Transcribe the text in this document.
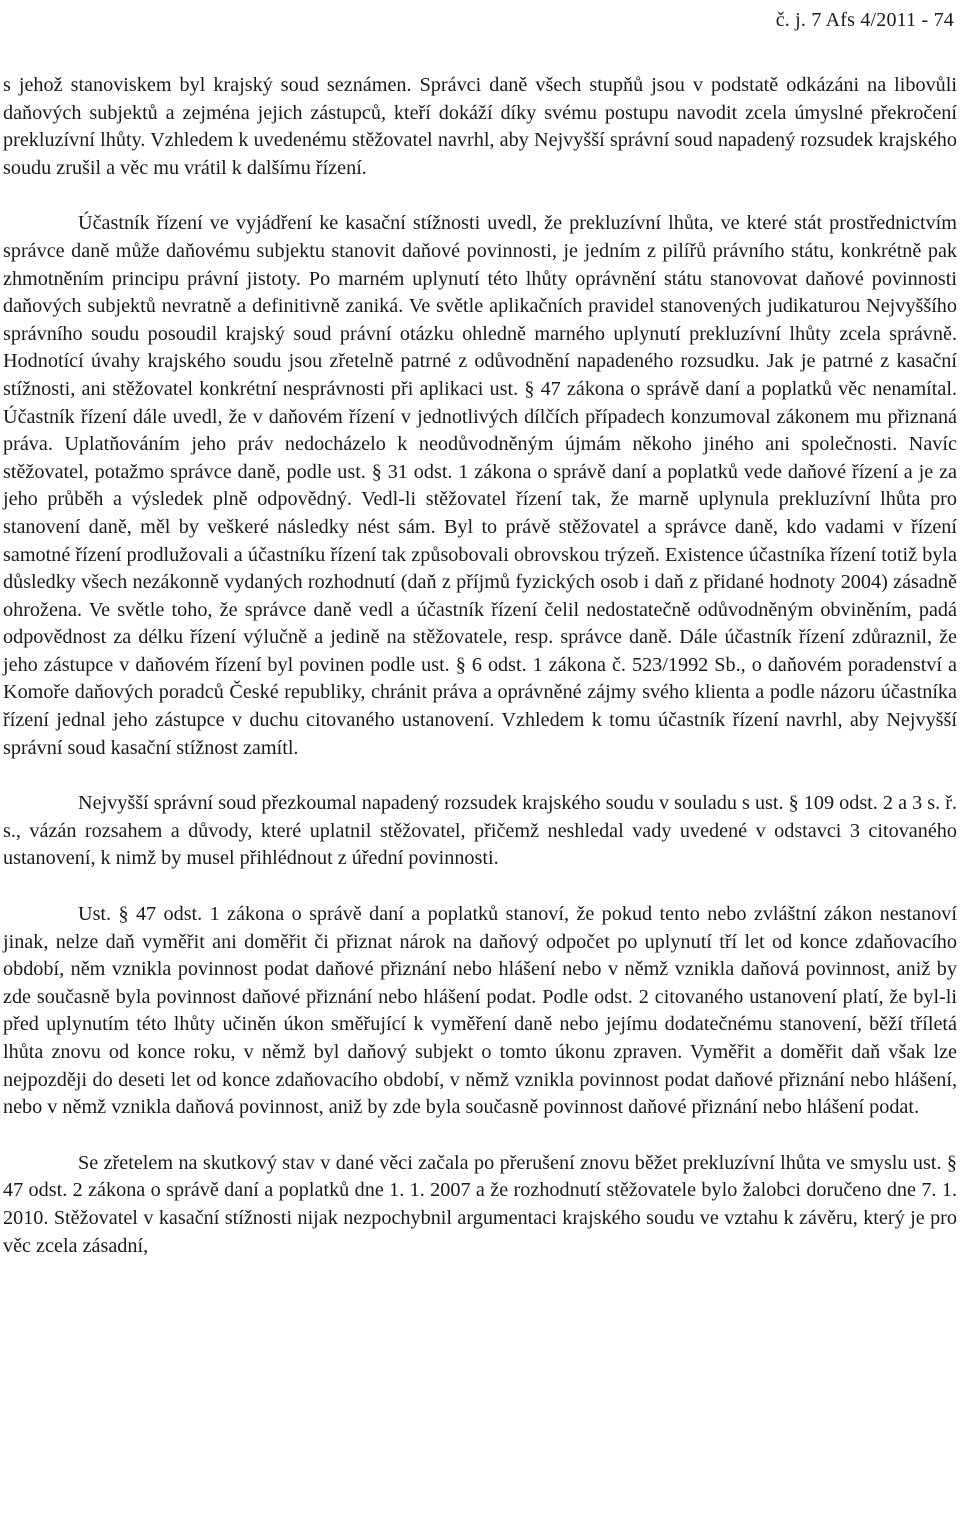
č. j. 7 Afs 4/2011 - 74

s jehož stanoviskem byl krajský soud seznámen. Správci daně všech stupňů jsou v podstatě odkázáni na libovůli daňových subjektů a zejména jejich zástupců, kteří dokáží díky svému postupu navodit zcela úmyslné překročení prekluzívní lhůty. Vzhledem k uvedenému stěžovatel navrhl, aby Nejvyšší správní soud napadený rozsudek krajského soudu zrušil a věc mu vrátil k dalšímu řízení.

Účastník řízení ve vyjádření ke kasační stížnosti uvedl, že prekluzívní lhůta, ve které stát prostřednictvím správce daně může daňovému subjektu stanovit daňové povinnosti, je jedním z pilířů právního státu, konkrétně pak zhmotněním principu právní jistoty. Po marném uplynutí této lhůty oprávnění státu stanovovat daňové povinnosti daňových subjektů nevratně a definitivně zaniká. Ve světle aplikačních pravidel stanovených judikaturou Nejvyššího správního soudu posoudil krajský soud právní otázku ohledně marného uplynutí prekluzívní lhůty zcela správně. Hodnotící úvahy krajského soudu jsou zřetelně patrné z odůvodnění napadeného rozsudku. Jak je patrné z kasační stížnosti, ani stěžovatel konkrétní nesprávnosti při aplikaci ust. § 47 zákona o správě daní a poplatků věc nenamítal. Účastník řízení dále uvedl, že v daňovém řízení v jednotlivých dílčích případech konzumoval zákonem mu přiznaná práva. Uplatňováním jeho práv nedocházelo k neodůvodněným újmám někoho jiného ani společnosti. Navíc stěžovatel, potažmo správce daně, podle ust. § 31 odst. 1 zákona o správě daní a poplatků vede daňové řízení a je za jeho průběh a výsledek plně odpovědný. Vedl-li stěžovatel řízení tak, že marně uplynula prekluzívní lhůta pro stanovení daně, měl by veškeré následky nést sám. Byl to právě stěžovatel a správce daně, kdo vadami v řízení samotné řízení prodlužovali a účastníku řízení tak způsobovali obrovskou trýzeň. Existence účastníka řízení totiž byla důsledky všech nezákonně vydaných rozhodnutí (daň z příjmů fyzických osob i daň z přidané hodnoty 2004) zásadně ohrožena. Ve světle toho, že správce daně vedl a účastník řízení čelil nedostatečně odůvodněným obviněním, padá odpovědnost za délku řízení výlučně a jedině na stěžovatele, resp. správce daně. Dále účastník řízení zdůraznil, že jeho zástupce v daňovém řízení byl povinen podle ust. § 6 odst. 1 zákona č. 523/1992 Sb., o daňovém poradenství a Komoře daňových poradců České republiky, chránit práva a oprávněné zájmy svého klienta a podle názoru účastníka řízení jednal jeho zástupce v duchu citovaného ustanovení. Vzhledem k tomu účastník řízení navrhl, aby Nejvyšší správní soud kasační stížnost zamítl.

Nejvyšší správní soud přezkoumal napadený rozsudek krajského soudu v souladu s ust. § 109 odst. 2 a 3 s. ř. s., vázán rozsahem a důvody, které uplatnil stěžovatel, přičemž neshledal vady uvedené v odstavci 3 citovaného ustanovení, k nimž by musel přihlédnout z úřední povinnosti.

Ust. § 47 odst. 1 zákona o správě daní a poplatků stanoví, že pokud tento nebo zvláštní zákon nestanoví jinak, nelze daň vyměřit ani doměřit či přiznat nárok na daňový odpočet po uplynutí tří let od konce zdaňovacího období, něm vznikla povinnost podat daňové přiznání nebo hlášení nebo v němž vznikla daňová povinnost, aniž by zde současně byla povinnost daňové přiznání nebo hlášení podat. Podle odst. 2 citovaného ustanovení platí, že byl-li před uplynutím této lhůty učiněn úkon směřující k vyměření daně nebo jejímu dodatečnému stanovení, běží tříletá lhůta znovu od konce roku, v němž byl daňový subjekt o tomto úkonu zpraven. Vyměřit a doměřit daň však lze nejpozději do deseti let od konce zdaňovacího období, v němž vznikla povinnost podat daňové přiznání nebo hlášení, nebo v němž vznikla daňová povinnost, aniž by zde byla současně povinnost daňové přiznání nebo hlášení podat.

Se zřetelem na skutkový stav v dané věci začala po přerušení znovu běžet prekluzívní lhůta ve smyslu ust. § 47 odst. 2 zákona o správě daní a poplatků dne 1. 1. 2007 a že rozhodnutí stěžovatele bylo žalobci doručeno dne 7. 1. 2010. Stěžovatel v kasační stížnosti nijak nezpochybnil argumentaci krajského soudu ve vztahu k závěru, který je pro věc zcela zásadní,
